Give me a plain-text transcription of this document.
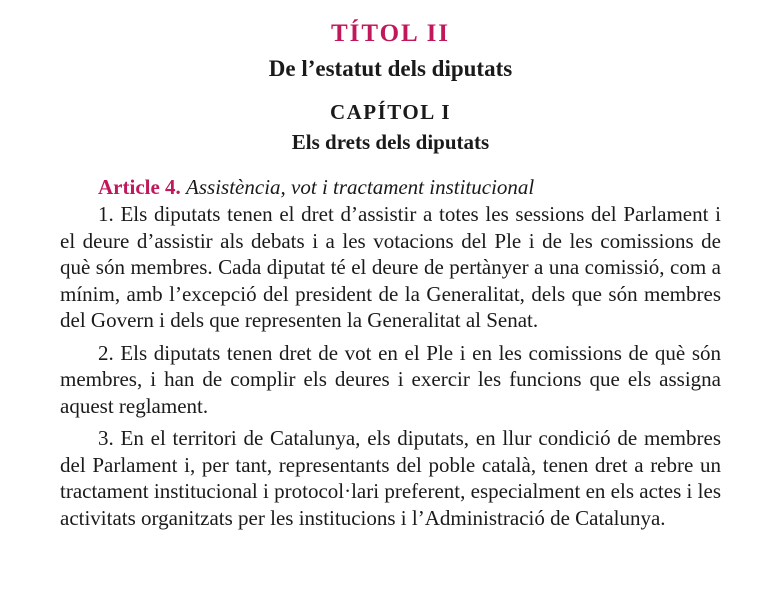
TÍTOL II
De l’estatut dels diputats
CAPÍTOL I
Els drets dels diputats
Article 4. Assistència, vot i tractament institucional

1. Els diputats tenen el dret d’assistir a totes les sessions del Parlament i el deure d’assistir als debats i a les votacions del Ple i de les comissions de què són membres. Cada diputat té el deure de pertànyer a una comissió, com a mínim, amb l’excepció del president de la Generalitat, dels que són membres del Govern i dels que representen la Generalitat al Senat.

2. Els diputats tenen dret de vot en el Ple i en les comissions de què són membres, i han de complir els deures i exercir les funcions que els assigna aquest reglament.

3. En el territori de Catalunya, els diputats, en llur condició de membres del Parlament i, per tant, representants del poble català, tenen dret a rebre un tractament institucional i protocol·lari preferent, especialment en els actes i les activitats organitzats per les institucions i l’Administració de Catalunya.
